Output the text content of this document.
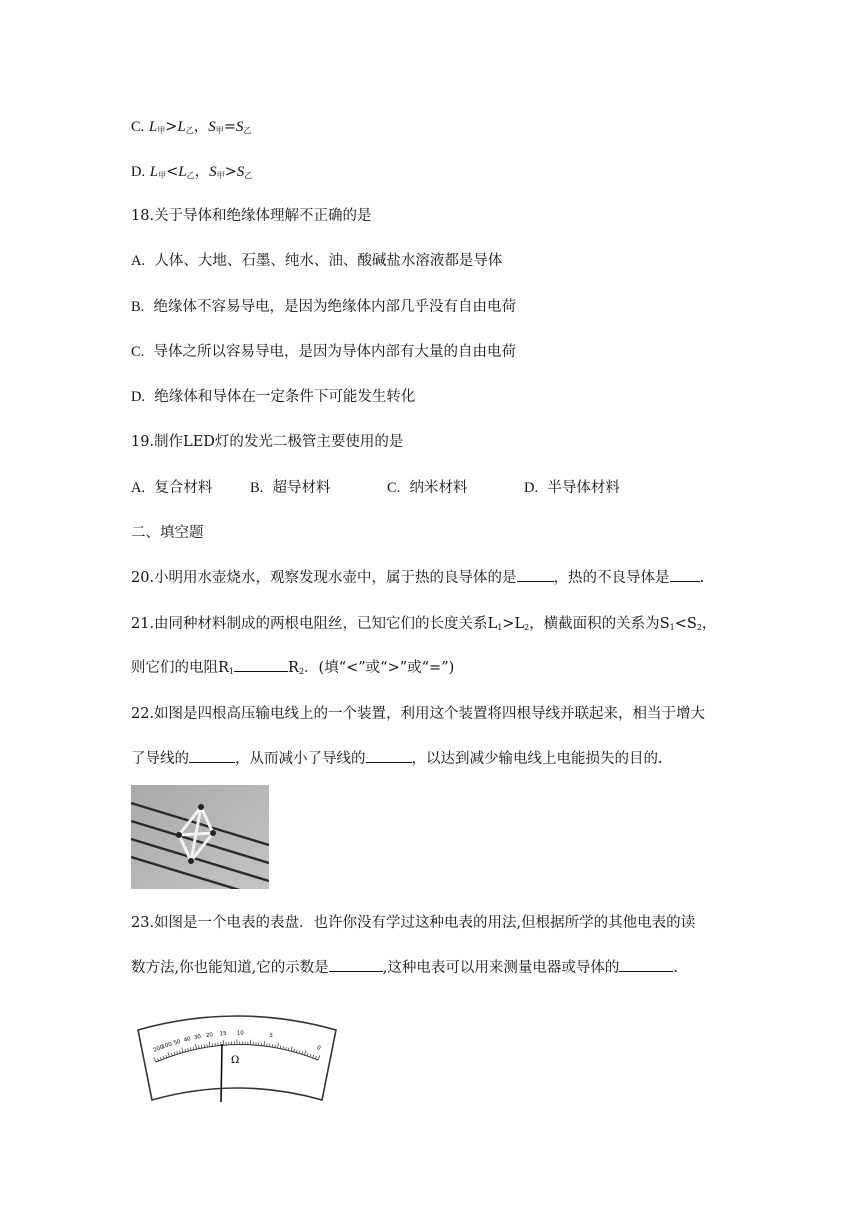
C. $L_甲>L_乙$，$S_甲=S_乙$
D. $L_甲<L_乙$，$S_甲>S_乙$
18.关于导体和绝缘体理解不正确的是
A. 人体、大地、石墨、纯水、油、酸碱盐水溶液都是导体
B. 绝缘体不容易导电，是因为绝缘体内部几乎没有自由电荷
C. 导体之所以容易导电，是因为导体内部有大量的自由电荷
D. 绝缘体和导体在一定条件下可能发生转化
19.制作LED灯的发光二极管主要使用的是
A. 复合材料	B. 超导材料	C. 纳米材料	D. 半导体材料
二、填空题
20.小明用水壶烧水，观察发现水壶中，属于热的良导体的是	，热的不良导体是 .
21.由同种材料制成的两根电阻丝，已知它们的长度关系$L_1>L_2$，横截面积的关系为$S_1<S_2$，
则它们的电阻$R_1$	$R_2$．(填“<”或“>”或“=”)
22.如图是四根高压输电线上的一个装置，利用这个装置将四根导线并联起来，相当于增大
了导线的	，从而减小了导线的	，以达到减少输电线上电能损失的目的.
23.如图是一个电表的表盘．也许你没有学过这种电表的用法,但根据所学的其他电表的读
数方法,你也能知道,它的示数是	,这种电表可以用来测量电器或导体的	.
200
100 50 40 30 20 15 10	5
0
Ω
